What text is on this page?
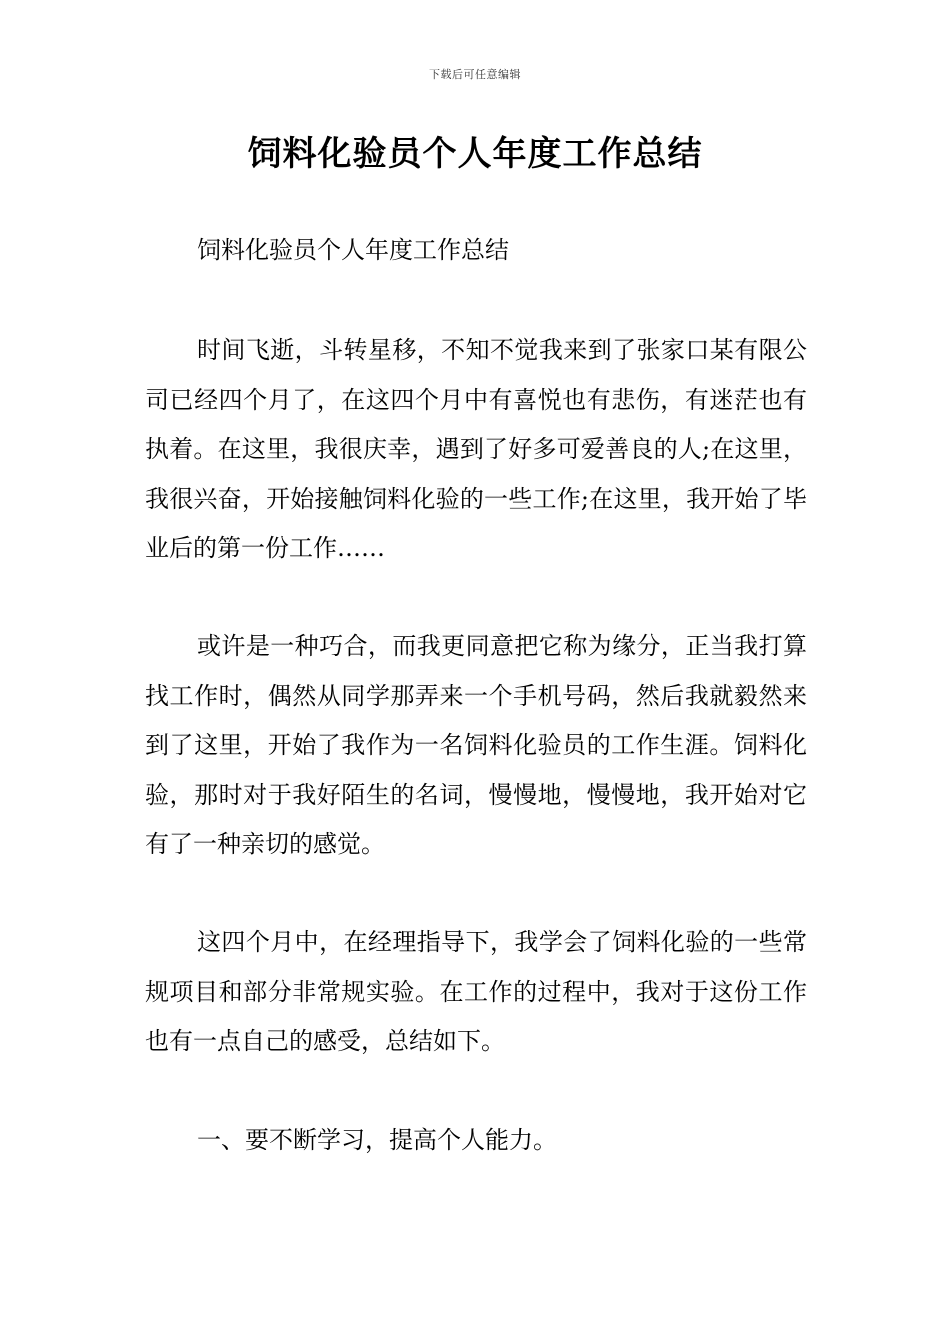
下载后可任意编辑
饲料化验员个人年度工作总结

饲料化验员个人年度工作总结

时间飞逝，斗转星移，不知不觉我来到了张家口某有限公司已经四个月了，在这四个月中有喜悦也有悲伤，有迷茫也有执着。在这里，我很庆幸，遇到了好多可爱善良的人;在这里，我很兴奋，开始接触饲料化验的一些工作;在这里，我开始了毕业后的第一份工作……

或许是一种巧合，而我更同意把它称为缘分，正当我打算找工作时，偶然从同学那弄来一个手机号码，然后我就毅然来到了这里，开始了我作为一名饲料化验员的工作生涯。饲料化验，那时对于我好陌生的名词，慢慢地，慢慢地，我开始对它有了一种亲切的感觉。

这四个月中，在经理指导下，我学会了饲料化验的一些常规项目和部分非常规实验。在工作的过程中，我对于这份工作也有一点自己的感受，总结如下。

一、要不断学习，提高个人能力。
